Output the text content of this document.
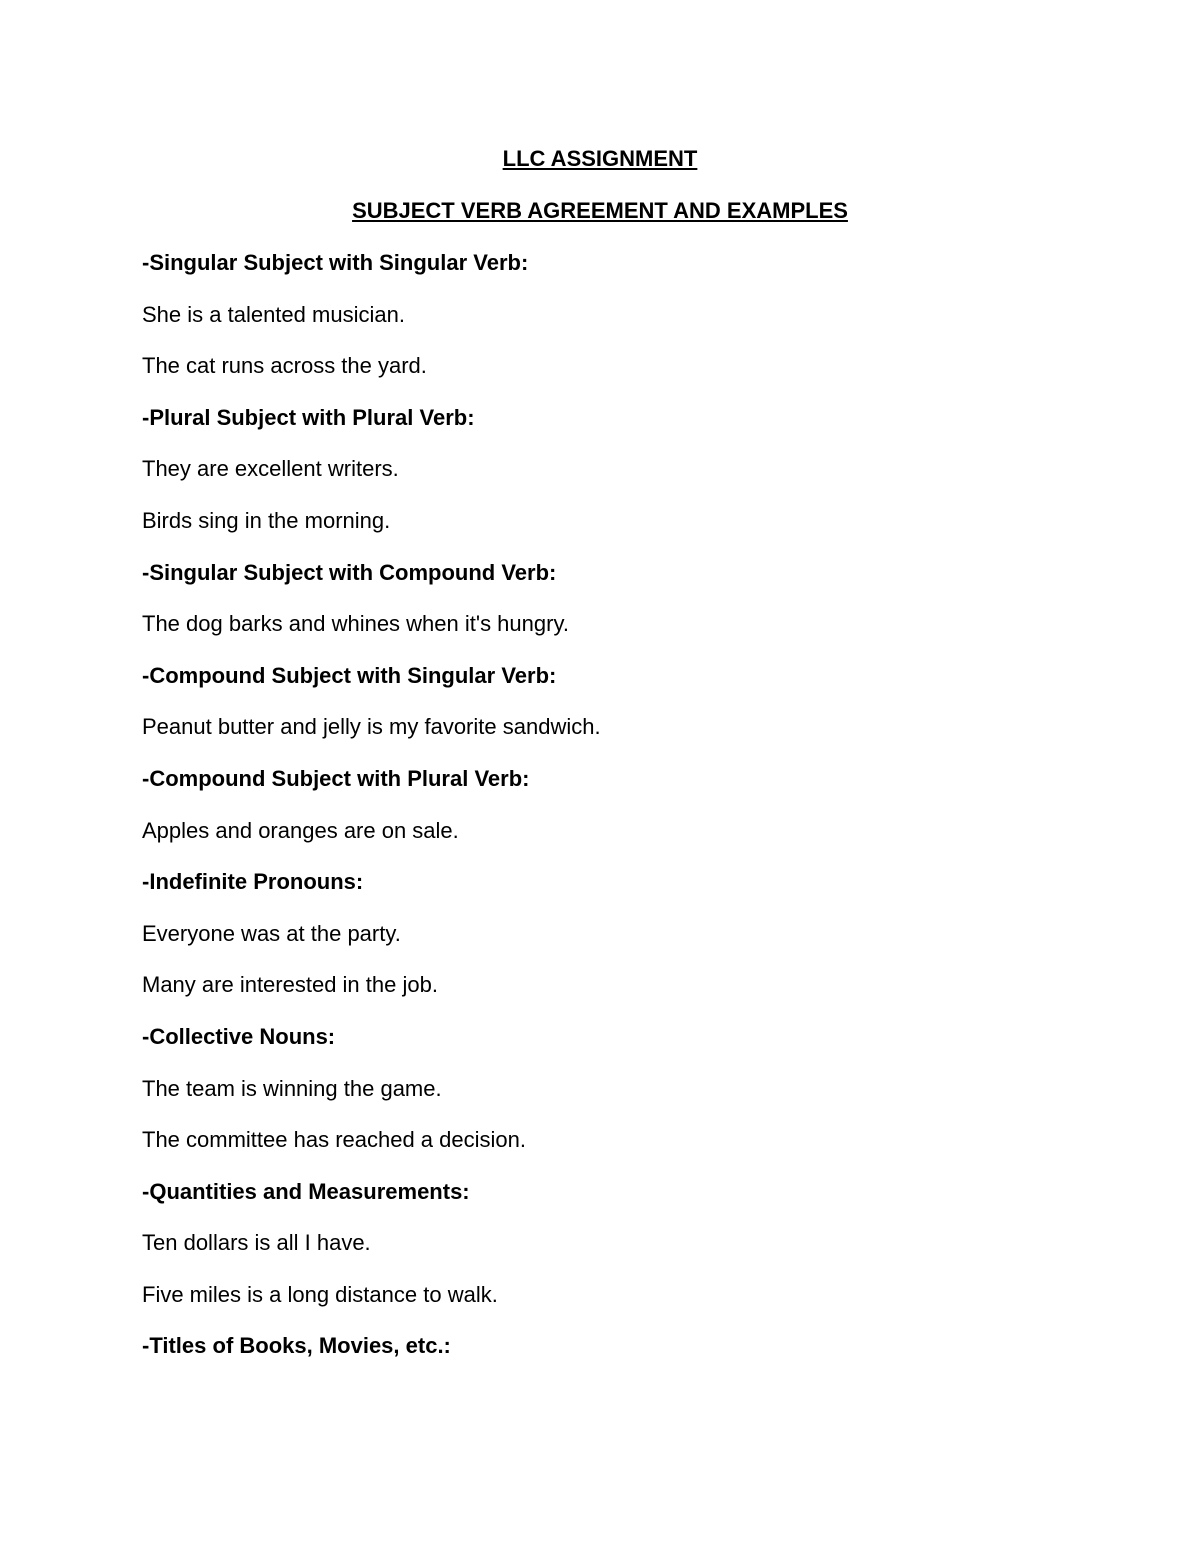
LLC ASSIGNMENT
SUBJECT VERB AGREEMENT AND EXAMPLES
-Singular Subject with Singular Verb:
She is a talented musician.
The cat runs across the yard.
-Plural Subject with Plural Verb:
They are excellent writers.
Birds sing in the morning.
-Singular Subject with Compound Verb:
The dog barks and whines when it's hungry.
-Compound Subject with Singular Verb:
Peanut butter and jelly is my favorite sandwich.
-Compound Subject with Plural Verb:
Apples and oranges are on sale.
-Indefinite Pronouns:
Everyone was at the party.
Many are interested in the job.
-Collective Nouns:
The team is winning the game.
The committee has reached a decision.
-Quantities and Measurements:
Ten dollars is all I have.
Five miles is a long distance to walk.
-Titles of Books, Movies, etc.:
